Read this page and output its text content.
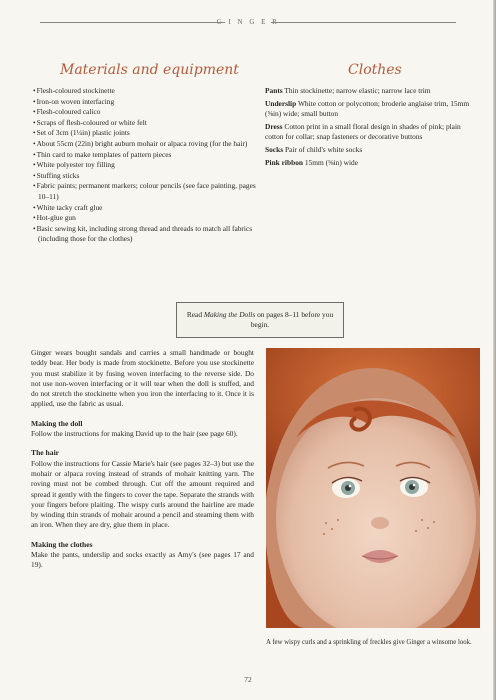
G I N G E R
Materials and equipment	Clothes
• Flesh-coloured stockinette
• Iron-on woven interfacing
• Flesh-coloured calico
• Scraps of flesh-coloured or white felt
• Set of 3cm (1¼in) plastic joints
• About 55cm (22in) bright auburn mohair or alpaca roving (for the hair)
• Thin card to make templates of pattern pieces
• White polyester toy filling
• Stuffing sticks
• Fabric paints; permanent markers; colour pencils (see face painting, pages 10–11)
• White tacky craft glue
• Hot-glue gun
• Basic sewing kit, including strong thread and threads to match all fabrics (including those for the clothes)

Pants Thin stockinette; narrow elastic; narrow lace trim

Underslip White cotton or polycotton; broderie anglaise trim, 15mm (⅝in) wide; small button

Dress Cotton print in a small floral design in shades of pink; plain cotton for collar; snap fasteners or decorative buttons

Socks Pair of child's white socks

Pink ribbon 15mm (⅝in) wide

Read Making the Dolls on pages 8–11 before you begin.

Ginger wears bought sandals and carries a small handmade or bought teddy bear. Her body is made from stockinette. Before you use stockinette you must stabilize it by fusing woven interfacing to the reverse side. Do not use non-woven interfacing or it will tear when the doll is stuffed, and do not stretch the stockinette when you iron the interfacing to it. Once it is applied, use the fabric as usual.

Making the doll

Follow the instructions for making David up to the hair (see page 60).

The hair

Follow the instructions for Cassie Marie's hair (see pages 32–3) but use the mohair or alpaca roving instead of strands of mohair knitting yarn. The roving must not be combed through. Cut off the amount required and spread it gently with the fingers to cover the tape. Separate the strands with your fingers before plaiting. The wispy curls around the hairline are made by winding thin strands of mohair around a pencil and steaming them with an iron. When they are dry, glue them in place.

Making the clothes

Make the pants, underslip and socks exactly as Amy's (see pages 17 and 19).

A few wispy curls and a sprinkling of freckles give Ginger a winsome look.
72
